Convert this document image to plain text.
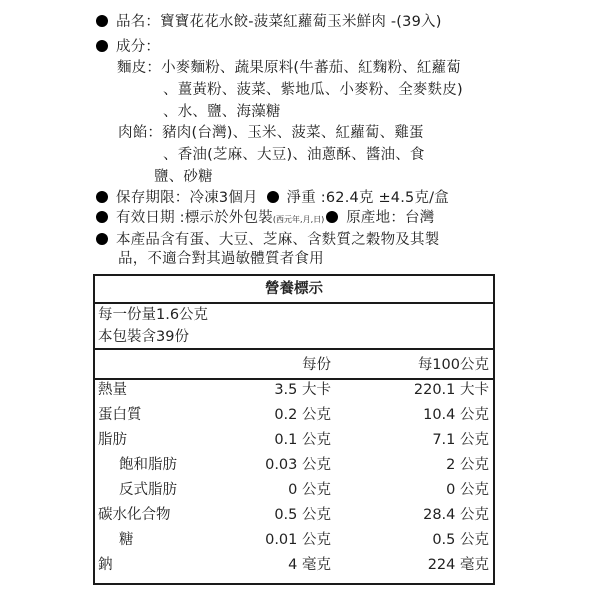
品名：寶寶花花水餃-菠菜紅蘿蔔玉米鮮肉 -(39入)
成分：
麵皮：小麥麵粉、蔬果原料(牛蕃茄、紅麴粉、紅蘿蔔
、薑黃粉、菠菜、紫地瓜、小麥粉、全麥麩皮)
、水、鹽、海藻糖
肉餡：豬肉(台灣)、玉米、菠菜、紅蘿蔔、雞蛋
、香油(芝麻、大豆)、油蔥酥、醬油、食
鹽、砂糖
保存期限：冷凍3個月 淨重 :62.4克 ±4.5克/盒
有效日期 :標示於外包裝(西元年,月,日) 原產地：台灣
本產品含有蛋、大豆、芝麻、含麩質之穀物及其製
品，不適合對其過敏體質者食用
營養標示
每一份量1.6公克
本包裝含39份
每份	每100公克
熱量	3.5 大卡	220.1 大卡
蛋白質	0.2 公克	10.4 公克
脂肪	0.1 公克	7.1 公克
飽和脂肪	0.03 公克	2 公克
反式脂肪	0 公克	0 公克
碳水化合物	0.5 公克	28.4 公克
糖	0.01 公克	0.5 公克
鈉	4 毫克	224 毫克
